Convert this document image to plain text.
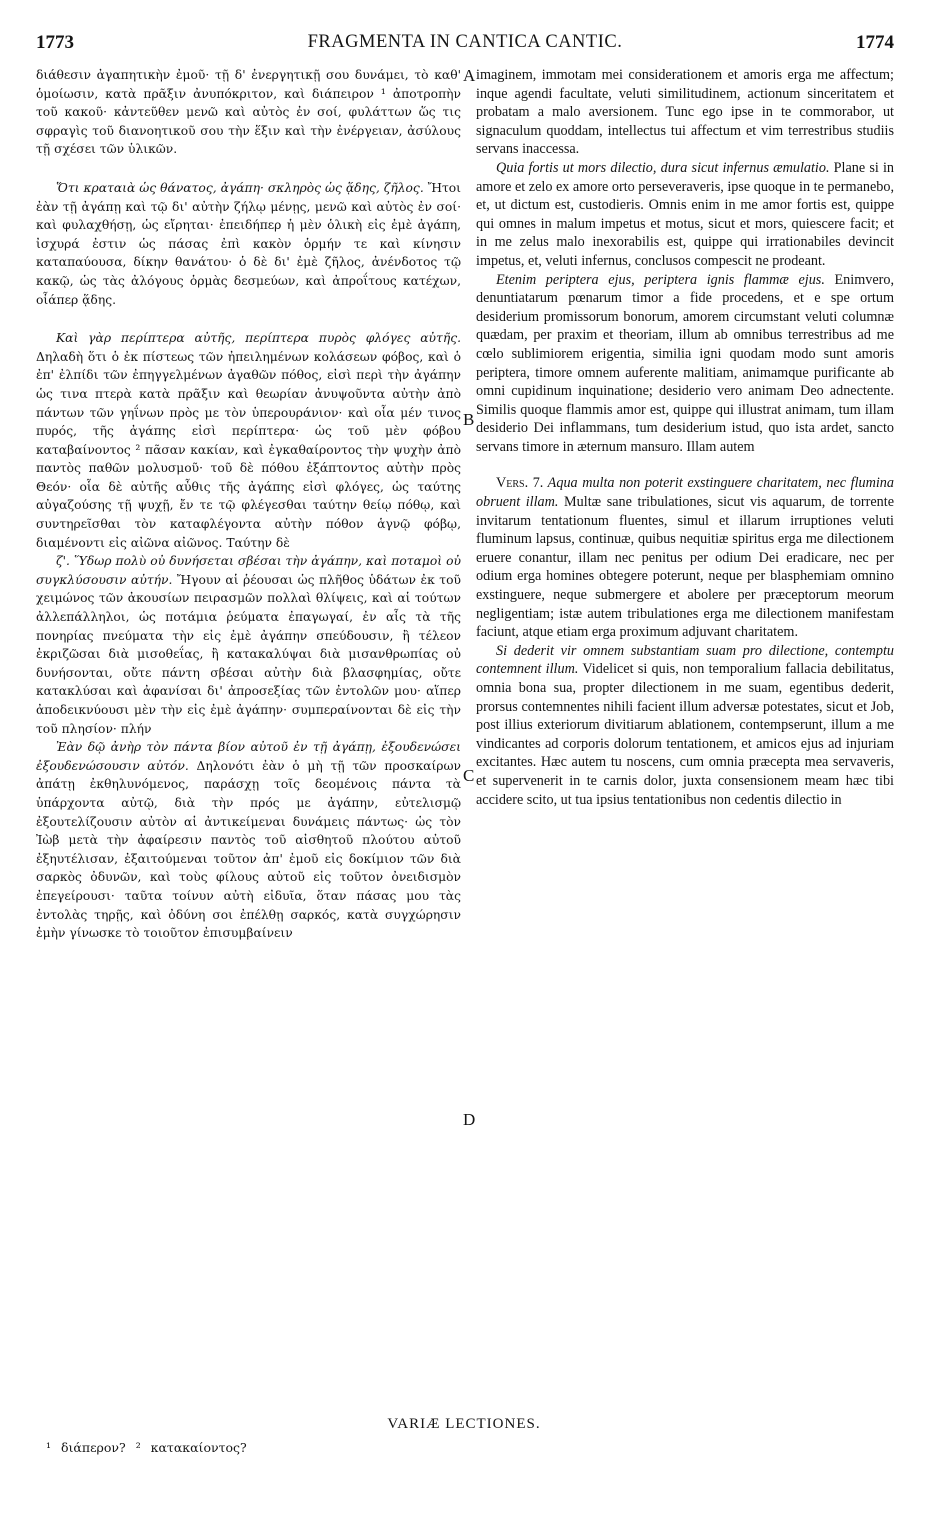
1773	FRAGMENTA IN CANTICA CANTIC.	1774

διάθεσιν ἀγαπητικὴν ἐμοῦ· τῇ δ' ἐνεργητικῇ σου δυνάμει, τὸ καθ' ὁμοίωσιν, κατὰ πρᾶξιν ἀνυπόκριτον, καὶ διάπειρον ¹ ἀποτροπὴν τοῦ κακοῦ· κἀντεῦθεν μενῶ καὶ αὐτὸς ἐν σοί, φυλάττων ὥς τις σφραγὶς τοῦ διανοητικοῦ σου τὴν ἕξιν καὶ τὴν ἐνέργειαν, ἀσύλους τῇ σχέσει τῶν ὑλικῶν.

Ὅτι κραταιὰ ὡς θάνατος, ἀγάπη· σκληρὸς ὡς ᾅδης, ζῆλος. Ἤτοι ἐὰν τῇ ἀγάπῃ καὶ τῷ δι' αὐτὴν ζήλῳ μένῃς, μενῶ καὶ αὐτὸς ἐν σοί· καὶ φυλαχθήσῃ, ὡς εἴρηται· ἐπειδήπερ ἡ μὲν ὁλικὴ εἰς ἐμὲ ἀγάπη, ἰσχυρά ἐστιν ὡς πάσας ἐπὶ κακὸν ὁρμήν τε καὶ κίνησιν καταπαύουσα, δίκην θανάτου· ὁ δὲ δι' ἐμὲ ζῆλος, ἀνένδοτος τῷ κακῷ, ὡς τὰς ἀλόγους ὁρμὰς δεσμεύων, καὶ ἀπροΐτους κατέχων, οἷάπερ ᾅδης.

Καὶ γὰρ περίπτερα αὐτῆς, περίπτερα πυρὸς φλόγες αὐτῆς. Δηλαδὴ ὅτι ὁ ἐκ πίστεως τῶν ἠπειλημένων κολάσεων φόβος, καὶ ὁ ἐπ' ἐλπίδι τῶν ἐπηγγελμένων ἀγαθῶν πόθος, εἰσὶ περὶ τὴν ἀγάπην ὡς τινα πτερὰ κατὰ πρᾶξιν καὶ θεωρίαν ἀνυψοῦντα αὐτὴν ἀπὸ πάντων τῶν γηΐνων πρὸς με τὸν ὑπερουράνιον· καὶ οἷα μέν τινος πυρός, τῆς ἀγάπης εἰσὶ περίπτερα· ὡς τοῦ μὲν φόβου καταβαίνοντος ² πᾶσαν κακίαν, καὶ ἐγκαθαίροντος τὴν ψυχὴν ἀπὸ παντὸς παθῶν μολυσμοῦ· τοῦ δὲ πόθου ἐξάπτοντος αὐτὴν πρὸς Θεόν· οἷα δὲ αὐτῆς αὖθις τῆς ἀγάπης εἰσὶ φλόγες, ὡς ταύτης αὐγαζούσης τῇ ψυχῇ, ἔν τε τῷ φλέγεσθαι ταύτην θείῳ πόθῳ, καὶ συντηρεῖσθαι τὸν καταφλέγοντα αὐτὴν πόθον ἁγνῷ φόβῳ, διαμένοντι εἰς αἰῶνα αἰῶνος. Ταύτην δὲ

ζ'. Ὕδωρ πολὺ οὐ δυνήσεται σβέσαι τὴν ἀγάπην, καὶ ποταμοὶ οὐ συγκλύσουσιν αὐτήν. Ἤγουν αἱ ῥέουσαι ὡς πλῆθος ὑδάτων ἐκ τοῦ χειμώνος τῶν ἀκουσίων πειρασμῶν πολλαὶ θλίψεις, καὶ αἱ τούτων ἀλλεπάλληλοι, ὡς ποτάμια ῥεύματα ἐπαγωγαί, ἐν αἷς τὰ τῆς πονηρίας πνεύματα τὴν εἰς ἐμὲ ἀγάπην σπεύδουσιν, ἢ τέλεον ἐκριζῶσαι διὰ μισοθεΐας, ἢ κατακαλύψαι διὰ μισανθρωπίας οὐ δυνήσονται, οὔτε πάντη σβέσαι αὐτὴν διὰ βλασφημίας, οὔτε κατακλύσαι καὶ ἀφανίσαι δι' ἀπροσεξίας τῶν ἐντολῶν μου· αἵπερ ἀποδεικνύουσι μὲν τὴν εἰς ἐμὲ ἀγάπην· συμπεραίνονται δὲ εἰς τὴν τοῦ πλησίον· πλήν

Ἐὰν δῷ ἀνὴρ τὸν πάντα βίον αὐτοῦ ἐν τῇ ἀγάπῃ, ἐξουδενώσει ἐξουδενώσουσιν αὐτόν. Δηλονότι ἐὰν ὁ μὴ τῇ τῶν προσκαίρων ἀπάτῃ ἐκθηλυνόμενος, παράσχῃ τοῖς δεομένοις πάντα τὰ ὑπάρχοντα αὐτῷ, διὰ τὴν πρός με ἀγάπην, εὐτελισμῷ ἐξουτελίζουσιν αὐτὸν αἱ ἀντικείμεναι δυνάμεις πάντως· ὡς τὸν Ἰὼβ μετὰ τὴν ἀφαίρεσιν παντὸς τοῦ αἰσθητοῦ πλούτου αὐτοῦ ἐξηυτέλισαν, ἐξαιτούμεναι τοῦτον ἀπ' ἐμοῦ εἰς δοκίμιον τῶν διὰ σαρκὸς ὀδυνῶν, καὶ τοὺς φίλους αὐτοῦ εἰς τοῦτον ὀνειδισμὸν ἐπεγείρουσι· ταῦτα τοίνυν αὐτὴ εἰδυῖα, ὅταν πάσας μου τὰς ἐντολὰς τηρῇς, καὶ ὀδύνη σοι ἐπέλθῃ σαρκός, κατὰ συγχώρησιν ἐμὴν γίνωσκε τὸ τοιοῦτον ἐπισυμβαίνειν

imaginem, immotam mei considerationem et amoris erga me affectum; inque agendi facultate, veluti similitudinem, actionum sinceritatem et probatam a malo aversionem. Tunc ego ipse in te commorabor, ut signaculum quoddam, intellectus tui affectum et vim terrestribus studiis servans inaccessa.

Quia fortis ut mors dilectio, dura sicut infernus æmulatio. Plane si in amore et zelo ex amore orto perseveraveris, ipse quoque in te permanebo, et, ut dictum est, custodieris. Omnis enim in me amor fortis est, quippe qui omnes in malum impetus et motus, sicut et mors, quiescere facit; et in me zelus malo inexorabilis est, quippe qui irrationabiles devincit impetus, et, veluti infernus, conclusos compescit ne prodeant.

Etenim periptera ejus, periptera ignis flammæ ejus. Enimvero, denuntiatarum pœnarum timor a fide procedens, et e spe ortum desiderium promissorum bonorum, amorem circumstant veluti columnæ quædam, per praxim et theoriam, illum ab omnibus terrestribus ad me cœlo sublimiorem erigentia, similia igni quodam modo sunt amoris periptera, timore omnem auferente malitiam, animamque purificante ab omni cupidinum inquinatione; desiderio vero animam Deo adnectente. Similis quoque flammis amor est, quippe qui illustrat animam, tum illam desiderio Dei inflammans, tum desiderium istud, quo ista ardet, sancto servans timore in æternum mansuro. Illam autem

Vers. 7. Aqua multa non poterit exstinguere charitatem, nec flumina obruent illam. Multæ sane tribulationes, sicut vis aquarum, de torrente invitarum tentationum fluentes, simul et illarum irruptiones veluti fluminum lapsus, continuæ, quibus nequitiæ spiritus erga me dilectionem eruere conantur, illam nec penitus per odium Dei eradicare, nec per odium erga homines obtegere poterunt, neque per blasphemiam omnino exstinguere, neque submergere et abolere per præceptorum meorum negligentiam; istæ autem tribulationes erga me dilectionem manifestam faciunt, atque etiam erga proximum adjuvant charitatem.

Si dederit vir omnem substantiam suam pro dilectione, contemptu contemnent illum. Videlicet si quis, non temporalium fallacia debilitatus, omnia bona sua, propter dilectionem in me suam, egentibus dederit, prorsus contemnentes nihili facient illum adversæ potestates, sicut et Job, post illius exteriorum divitiarum ablationem, contempserunt, illum a me vindicantes ad corporis dolorum tentationem, et amicos ejus ad injuriam excitantes. Hæc autem tu noscens, cum omnia præcepta mea servaveris, et supervenerit in te carnis dolor, juxta consensionem meam hæc tibi accidere scito, ut tua ipsius tentationibus non cedentis dilectio in

A
B
C
D
VARIÆ LECTIONES.
¹ διάπερον? ² κατακαίοντος?
